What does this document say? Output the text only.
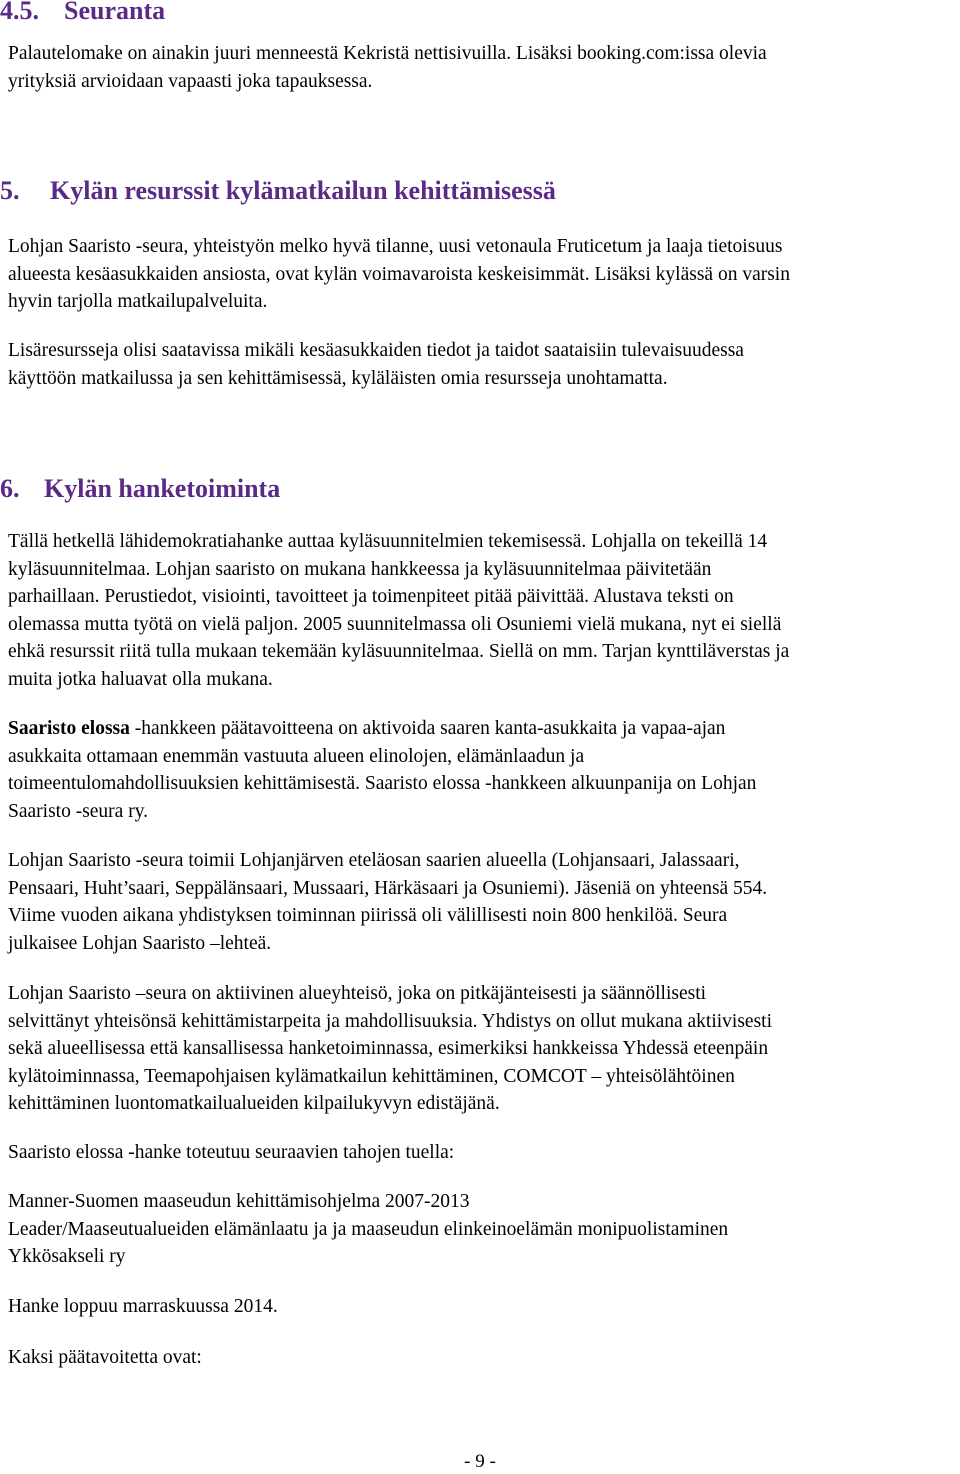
4.5. Seuranta
Palautelomake on ainakin juuri menneestä Kekristä nettisivuilla. Lisäksi booking.com:issa olevia
yrityksiä arvioidaan vapaasti joka tapauksessa.
5. Kylän resurssit kylämatkailun kehittämisessä
Lohjan Saaristo -seura, yhteistyön melko hyvä tilanne, uusi vetonaula Fruticetum ja laaja tietoisuus
alueesta kesäasukkaiden ansiosta, ovat kylän voimavaroista keskeisimmät. Lisäksi kylässä on varsin
hyvin tarjolla matkailupalveluita.
Lisäresursseja olisi saatavissa mikäli kesäasukkaiden tiedot ja taidot saataisiin tulevaisuudessa
käyttöön matkailussa ja sen kehittämisessä, kyläläisten omia resursseja unohtamatta.
6. Kylän hanketoiminta
Tällä hetkellä lähidemokratiahanke auttaa kyläsuunnitelmien tekemisessä. Lohjalla on tekeillä 14
kyläsuunnitelmaa. Lohjan saaristo on mukana hankkeessa ja kyläsuunnitelmaa päivitetään
parhaillaan. Perustiedot, visiointi, tavoitteet ja toimenpiteet pitää päivittää. Alustava teksti on
olemassa mutta työtä on vielä paljon. 2005 suunnitelmassa oli Osuniemi vielä mukana, nyt ei siellä
ehkä resurssit riitä tulla mukaan tekemään kyläsuunnitelmaa. Siellä on mm. Tarjan kynttiläverstas ja
muita jotka haluavat olla mukana.
Saaristo elossa -hankkeen päätavoitteena on aktivoida saaren kanta-asukkaita ja vapaa-ajan
asukkaita ottamaan enemmän vastuuta alueen elinolojen, elämänlaadun ja
toimeentulomahdollisuuksien kehittämisestä. Saaristo elossa -hankkeen alkuunpanija on Lohjan
Saaristo -seura ry.
Lohjan Saaristo -seura toimii Lohjanjärven eteläosan saarien alueella (Lohjansaari, Jalassaari,
Pensaari, Huht’saari, Seppälänsaari, Mussaari, Härkäsaari ja Osuniemi). Jäseniä on yhteensä 554.
Viime vuoden aikana yhdistyksen toiminnan piirissä oli välillisesti noin 800 henkilöä. Seura
julkaisee Lohjan Saaristo –lehteä.
Lohjan Saaristo –seura on aktiivinen alueyhteisö, joka on pitkäjänteisesti ja säännöllisesti
selvittänyt yhteisönsä kehittämistarpeita ja mahdollisuuksia. Yhdistys on ollut mukana aktiivisesti
sekä alueellisessa että kansallisessa hanketoiminnassa, esimerkiksi hankkeissa Yhdessä eteenpäin
kylätoiminnassa, Teemapohjaisen kylämatkailun kehittäminen, COMCOT – yhteisölähtöinen
kehittäminen luontomatkailualueiden kilpailukyvyn edistäjänä.
Saaristo elossa -hanke toteutuu seuraavien tahojen tuella:
Manner-Suomen maaseudun kehittämisohjelma 2007-2013
Leader/Maaseutualueiden elämänlaatu ja ja maaseudun elinkeinoelämän monipuolistaminen
Ykkösakseli ry
Hanke loppuu marraskuussa 2014.
Kaksi päätavoitetta ovat:
- 9 -
